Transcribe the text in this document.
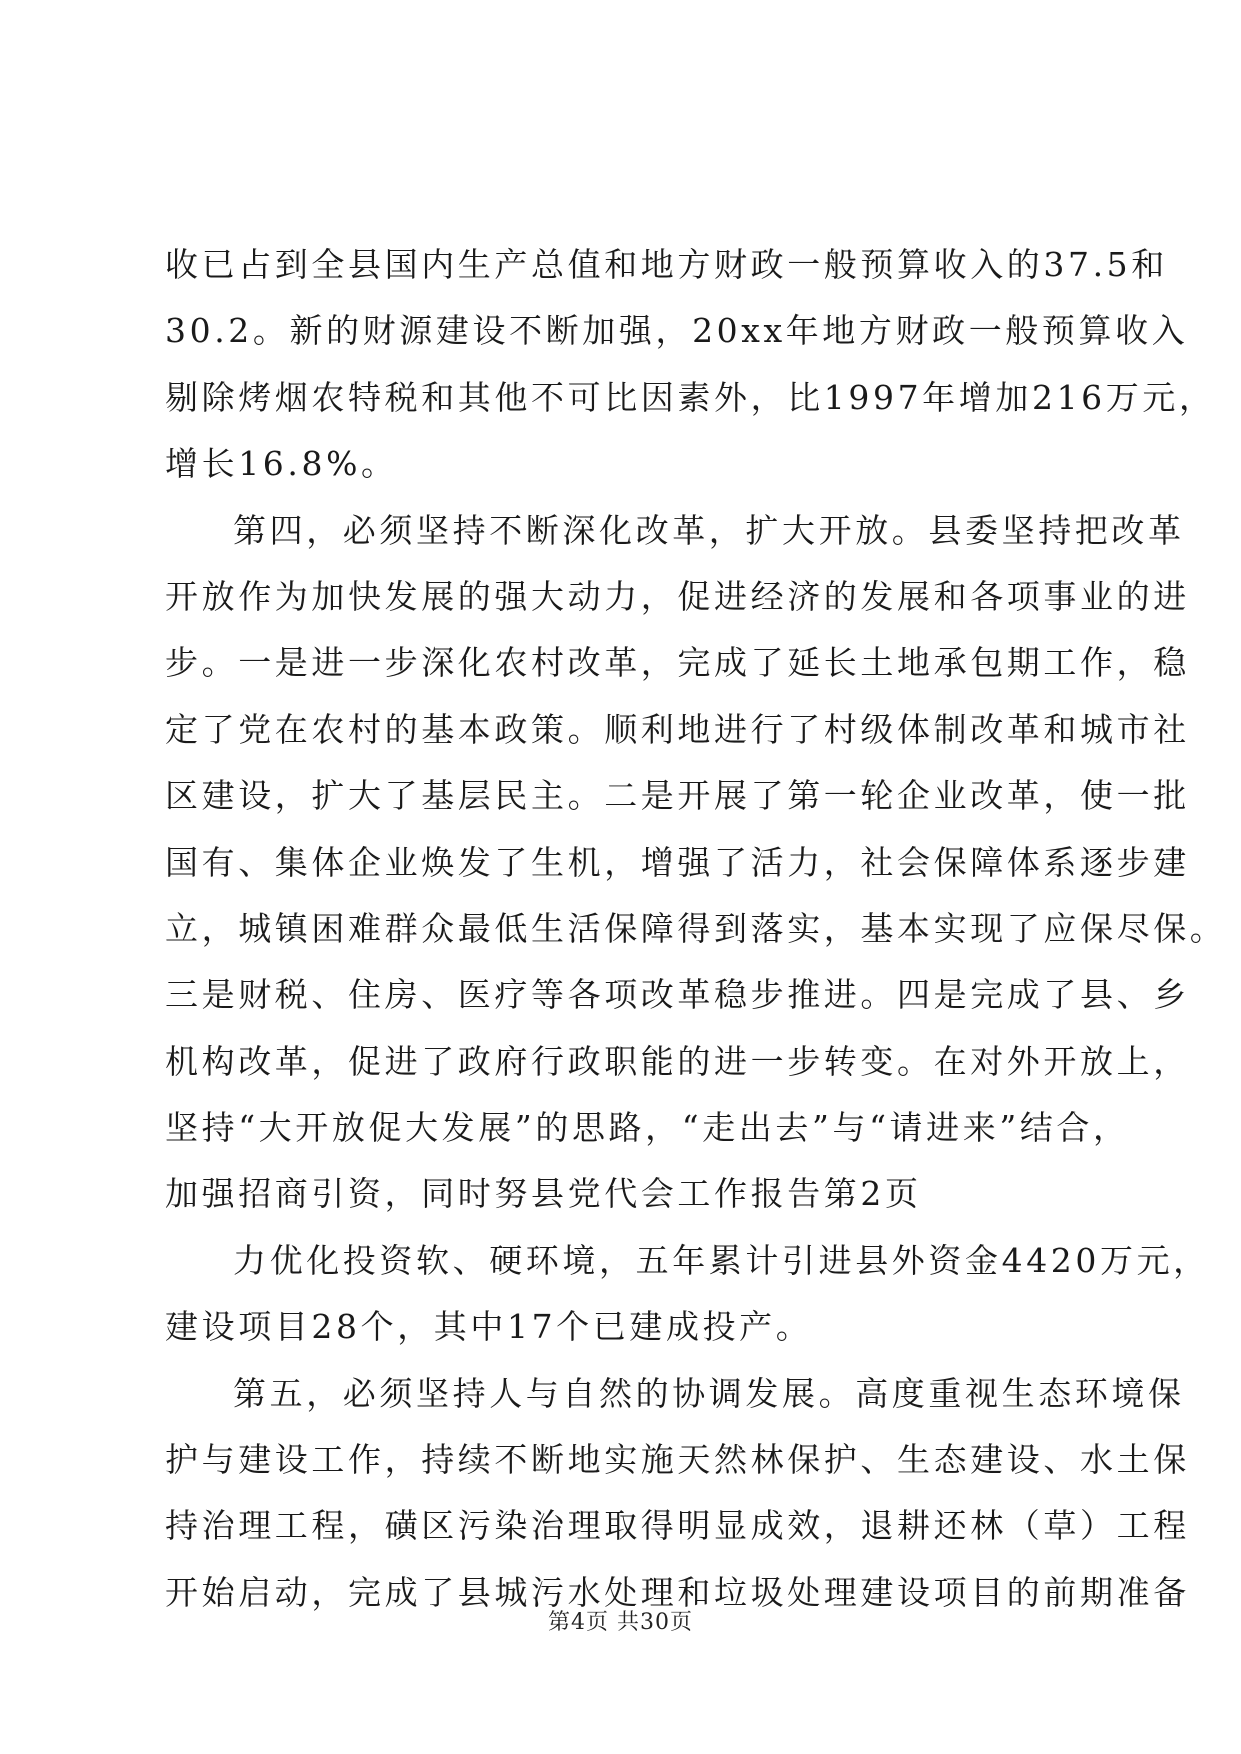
收已占到全县国内生产总值和地方财政一般预算收入的37.5和
30.2。新的财源建设不断加强，20xx年地方财政一般预算收入
剔除烤烟农特税和其他不可比因素外，比1997年增加216万元，
增长16.8%。
第四，必须坚持不断深化改革，扩大开放。县委坚持把改革
开放作为加快发展的强大动力，促进经济的发展和各项事业的进
步。一是进一步深化农村改革，完成了延长土地承包期工作，稳
定了党在农村的基本政策。顺利地进行了村级体制改革和城市社
区建设，扩大了基层民主。二是开展了第一轮企业改革，使一批
国有、集体企业焕发了生机，增强了活力，社会保障体系逐步建
立，城镇困难群众最低生活保障得到落实，基本实现了应保尽保。
三是财税、住房、医疗等各项改革稳步推进。四是完成了县、乡
机构改革，促进了政府行政职能的进一步转变。在对外开放上，
坚持“大开放促大发展”的思路，“走出去”与“请进来”结合，
加强招商引资，同时努县党代会工作报告第2页
力优化投资软、硬环境，五年累计引进县外资金4420万元，
建设项目28个，其中17个已建成投产。
第五，必须坚持人与自然的协调发展。高度重视生态环境保
护与建设工作，持续不断地实施天然林保护、生态建设、水土保
持治理工程，磺区污染治理取得明显成效，退耕还林（草）工程
开始启动，完成了县城污水处理和垃圾处理建设项目的前期准备
第4页 共30页
